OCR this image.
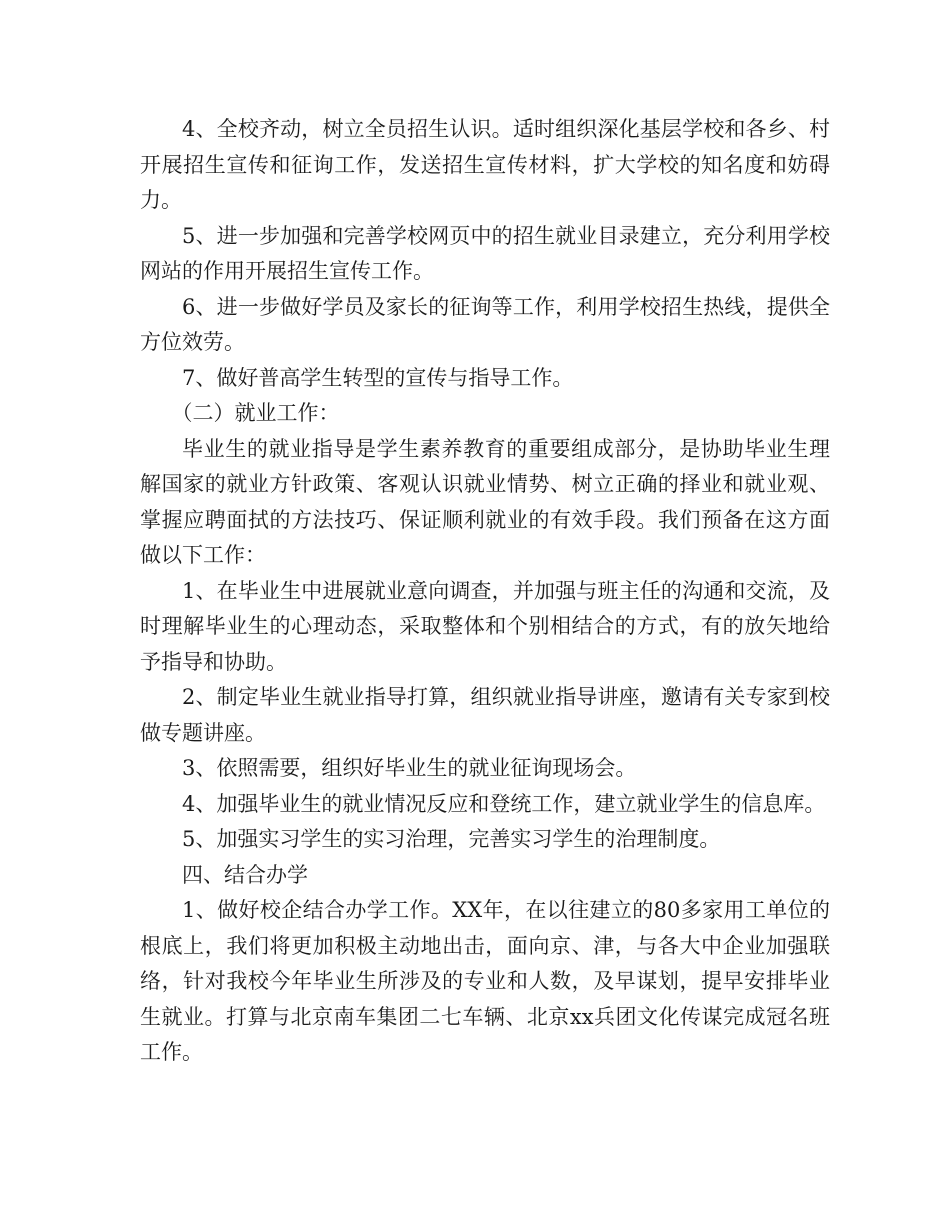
4、全校齐动，树立全员招生认识。适时组织深化基层学校和各乡、村开展招生宣传和征询工作，发送招生宣传材料，扩大学校的知名度和妨碍力。

5、进一步加强和完善学校网页中的招生就业目录建立，充分利用学校网站的作用开展招生宣传工作。

6、进一步做好学员及家长的征询等工作，利用学校招生热线，提供全方位效劳。

7、做好普高学生转型的宣传与指导工作。

（二）就业工作：

毕业生的就业指导是学生素养教育的重要组成部分，是协助毕业生理解国家的就业方针政策、客观认识就业情势、树立正确的择业和就业观、掌握应聘面拭的方法技巧、保证顺利就业的有效手段。我们预备在这方面做以下工作：

1、在毕业生中进展就业意向调查，并加强与班主任的沟通和交流，及时理解毕业生的心理动态，采取整体和个别相结合的方式，有的放矢地给予指导和协助。

2、制定毕业生就业指导打算，组织就业指导讲座，邀请有关专家到校做专题讲座。

3、依照需要，组织好毕业生的就业征询现场会。

4、加强毕业生的就业情况反应和登统工作，建立就业学生的信息库。

5、加强实习学生的实习治理，完善实习学生的治理制度。

四、结合办学

1、做好校企结合办学工作。XX年，在以往建立的80多家用工单位的根底上，我们将更加积极主动地出击，面向京、津，与各大中企业加强联络，针对我校今年毕业生所涉及的专业和人数，及早谋划，提早安排毕业生就业。打算与北京南车集团二七车辆、北京xx兵团文化传谋完成冠名班工作。
